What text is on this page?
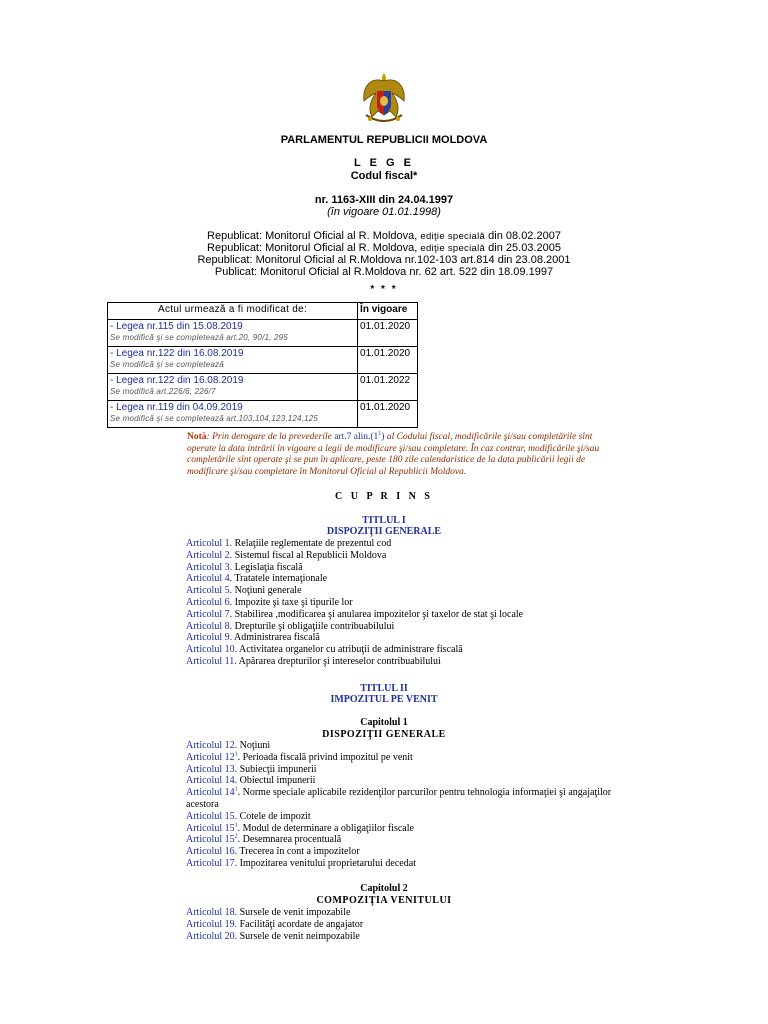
PARLAMENTUL REPUBLICII MOLDOVA
L E G E
Codul fiscal*
nr. 1163-XIII din 24.04.1997
(în vigoare 01.01.1998)
Republicat: Monitorul Oficial al R. Moldova, ediţie specială din 08.02.2007
Republicat: Monitorul Oficial al R. Moldova, ediţie specială din 25.03.2005
Republicat: Monitorul Oficial al R.Moldova nr.102-103 art.814 din 23.08.2001
Publicat: Monitorul Oficial al R.Moldova nr. 62 art. 522 din 18.09.1997
* * *
Actul urmează a fi modificat de:	În vigoare

- Legea nr.115 din 15.08.2019
Se modifică şi se completează art.20, 90/1, 295	01.01.2020

- Legea nr.122 din 16.08.2019
Se modifică şi se completează	01.01.2020

- Legea nr.122 din 16.08.2019
Se modifică art.226/6, 226/7	01.01.2022

- Legea nr.119 din 04.09.2019
Se modifică şi se completează art.103,104,123,124,125	01.01.2020
Notă: Prin derogare de la prevederile art.7 $alin.(1^1)$ al Codului fiscal, modificările şi/sau completările sînt operate la data intrării în vigoare a legii de modificare şi/sau completare. În caz contrar, modificările şi/sau completările sînt operate şi se pun în aplicare, peste 180 zile calendaristice de la data publicării legii de modificare şi/sau completare în Monitorul Oficial al Republicii Moldova.
C U P R I N S
TITLUL I
DISPOZIŢII GENERALE
Articolul 1. Relaţiile reglementate de prezentul cod
Articolul 2. Sistemul fiscal al Republicii Moldova
Articolul 3. Legislaţia fiscală
Articolul 4. Tratatele internaţionale
Articolul 5. Noţiuni generale
Articolul 6. Impozite şi taxe şi tipurile lor
Articolul 7. Stabilirea ,modificarea şi anularea impozitelor şi taxelor de stat şi locale
Articolul 8. Drepturile şi obligaţiile contribuabilului
Articolul 9. Administrarea fiscală
Articolul 10. Activitatea organelor cu atribuţii de administrare fiscală
Articolul 11. Apărarea drepturilor şi intereselor contribuabilului
TITLUL II
IMPOZITUL PE VENIT
Capitolul 1
DISPOZIŢII GENERALE
Articolul 12. Noţiuni
Articolul $12^1$. Perioada fiscală privind impozitul pe venit
Articolul 13. Subiecţii impunerii
Articolul 14. Obiectul impunerii
Articolul $14^1$. Norme speciale aplicabile rezidenţilor parcurilor pentru tehnologia informaţiei şi angajaţilor
acestora
Articolul 15. Cotele de impozit
Articolul $15^1$. Modul de determinare a obligaţiilor fiscale
Articolul $15^2$. Desemnarea procentuală
Articolul 16. Trecerea în cont a impozitelor
Articolul 17. Impozitarea venitului proprietarului decedat
Capitolul 2
COMPOZIŢIA VENITULUI
Articolul 18. Sursele de venit impozabile
Articolul 19. Facilităţi acordate de angajator
Articolul 20. Sursele de venit neimpozabile
